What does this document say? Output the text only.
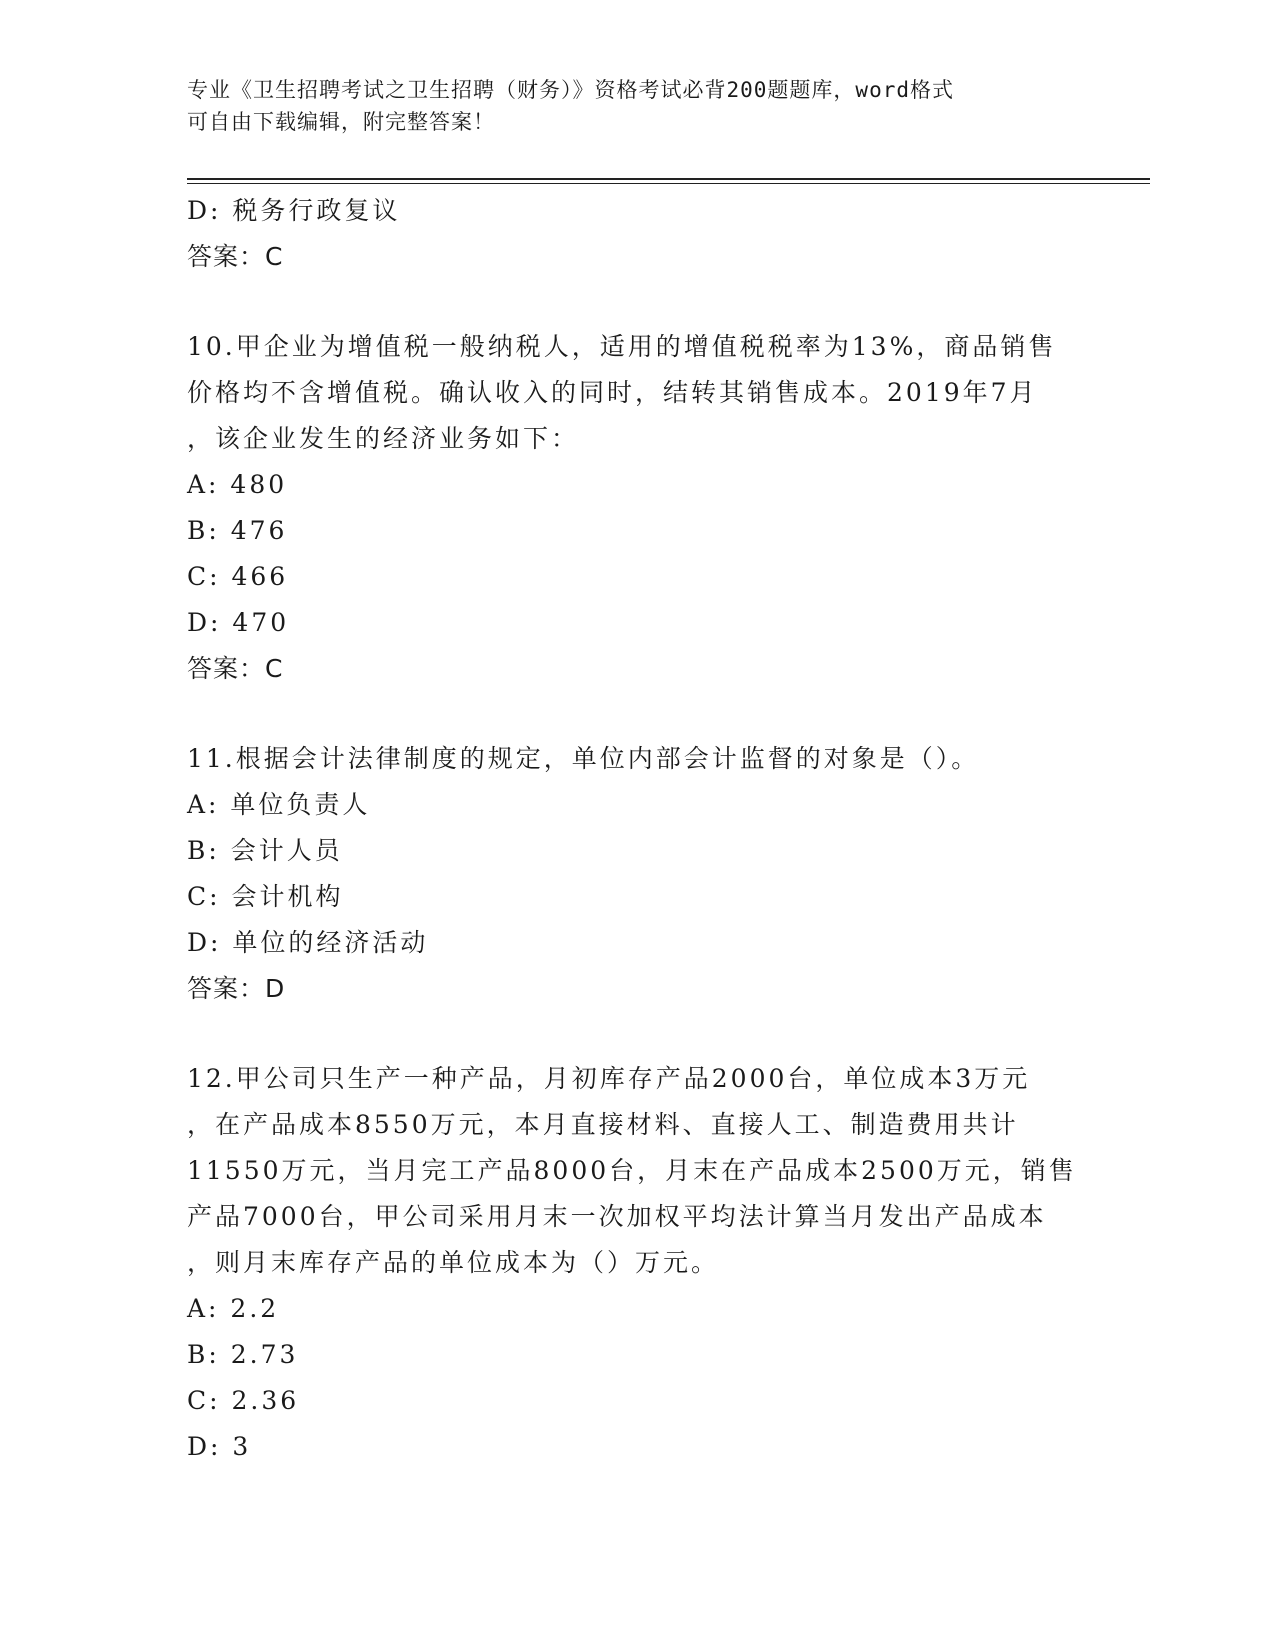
专业《卫生招聘考试之卫生招聘（财务）》资格考试必背200题题库，word格式
可自由下载编辑，附完整答案！
D: 税务行政复议
答案：C
10.甲企业为增值税一般纳税人，适用的增值税税率为13%，商品销售
价格均不含增值税。确认收入的同时，结转其销售成本。2019年7月
，该企业发生的经济业务如下：
A: 480
B: 476
C: 466
D: 470
答案：C
11.根据会计法律制度的规定，单位内部会计监督的对象是（）。
A: 单位负责人
B: 会计人员
C: 会计机构
D: 单位的经济活动
答案：D
12.甲公司只生产一种产品，月初库存产品2000台，单位成本3万元
，在产品成本8550万元，本月直接材料、直接人工、制造费用共计
11550万元，当月完工产品8000台，月末在产品成本2500万元，销售
产品7000台，甲公司采用月末一次加权平均法计算当月发出产品成本
，则月末库存产品的单位成本为（）万元。
A: 2.2
B: 2.73
C: 2.36
D: 3
